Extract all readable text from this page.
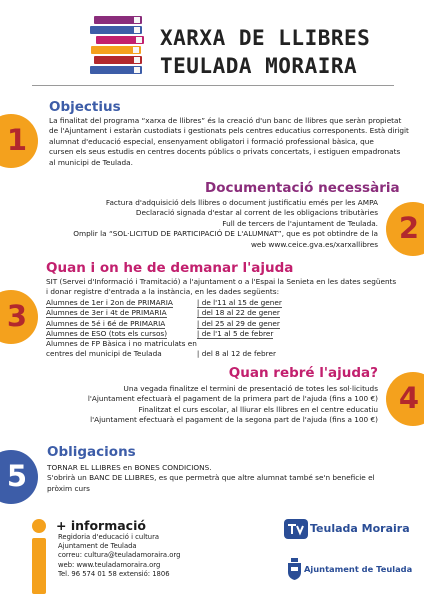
XARXA DE LLIBRES
TEULADA MORAIRA
1
Objectius

La finalitat del programa “xarxa de llibres” és la creació d'un banc de llibres que seràn propietat

de l'Ajuntament i estaràn custodiats i gestionats pels centres educatius corresponents. Està dirigit

alumnat d'educació especial, ensenyament obligatori i formació professional bàsica, que

cursen els seus estudis en centres docents públics o privats concertats, i estiguen empadronats

al municipi de Teulada.

2
Documentació necessària

Factura d'adquisició dels llibres o document justificatiu emés per les AMPA

Declaració signada d'estar al corrent de les obligacions tributàries

Full de tercers de l'ajuntament de Teulada.

Omplir la “SOL·LICITUD DE PARTICIPACIÓ DE L'ALUMNAT”, que es pot obtindre de la

web www.ceice.gva.es/xarxallibres

3
Quan i on he de demanar l'ajuda

SIT (Servei d'Informació i Tramitació) a l'ajuntament o a l'Espai la Senieta en les dates següents

i donar registre d'entrada a la instància, en les dades següents:

Alumnes de 1er i 2on de PRIMARIA	| de l'11 al 15 de gener
Alumnes de 3er i 4t de PRIMARIA	| del 18 al 22 de gener
Alumnes de 5é i 6é de PRIMARIA	| del 25 al 29 de gener
Alumnes de ESO (tots els cursos)	| de l'1 al 5 de febrer
Alumnes de FP Bàsica i no matriculats en	
centres del municipi de Teulada	| del 8 al 12 de febrer
4
Quan rebré l'ajuda?

Una vegada finalitze el termini de presentació de totes les sol·licituds

l'Ajuntament efectuarà el pagament de la primera part de l'ajuda (fins a 100 €)

Finalitzat el curs escolar, al lliurar els llibres en el centre educatiu

l'Ajuntament efectuarà el pagament de la segona part de l'ajuda (fins a 100 €)

5
Obligacions

TORNAR EL LLIBRES en BONES CONDICIONS.

S'obrirà un BANC DE LLIBRES, es que permetrà que altre alumnat també se'n beneficie el

pròxim curs

+ informació
Regidoria d'educació i cultura
Ajuntament de Teulada
correu: cultura@teuladamoraira.org
web: www.teuladamoraira.org
Tel. 96 574 01 58 extensió: 1806
Teulada Moraira
Ajuntament de Teulada
